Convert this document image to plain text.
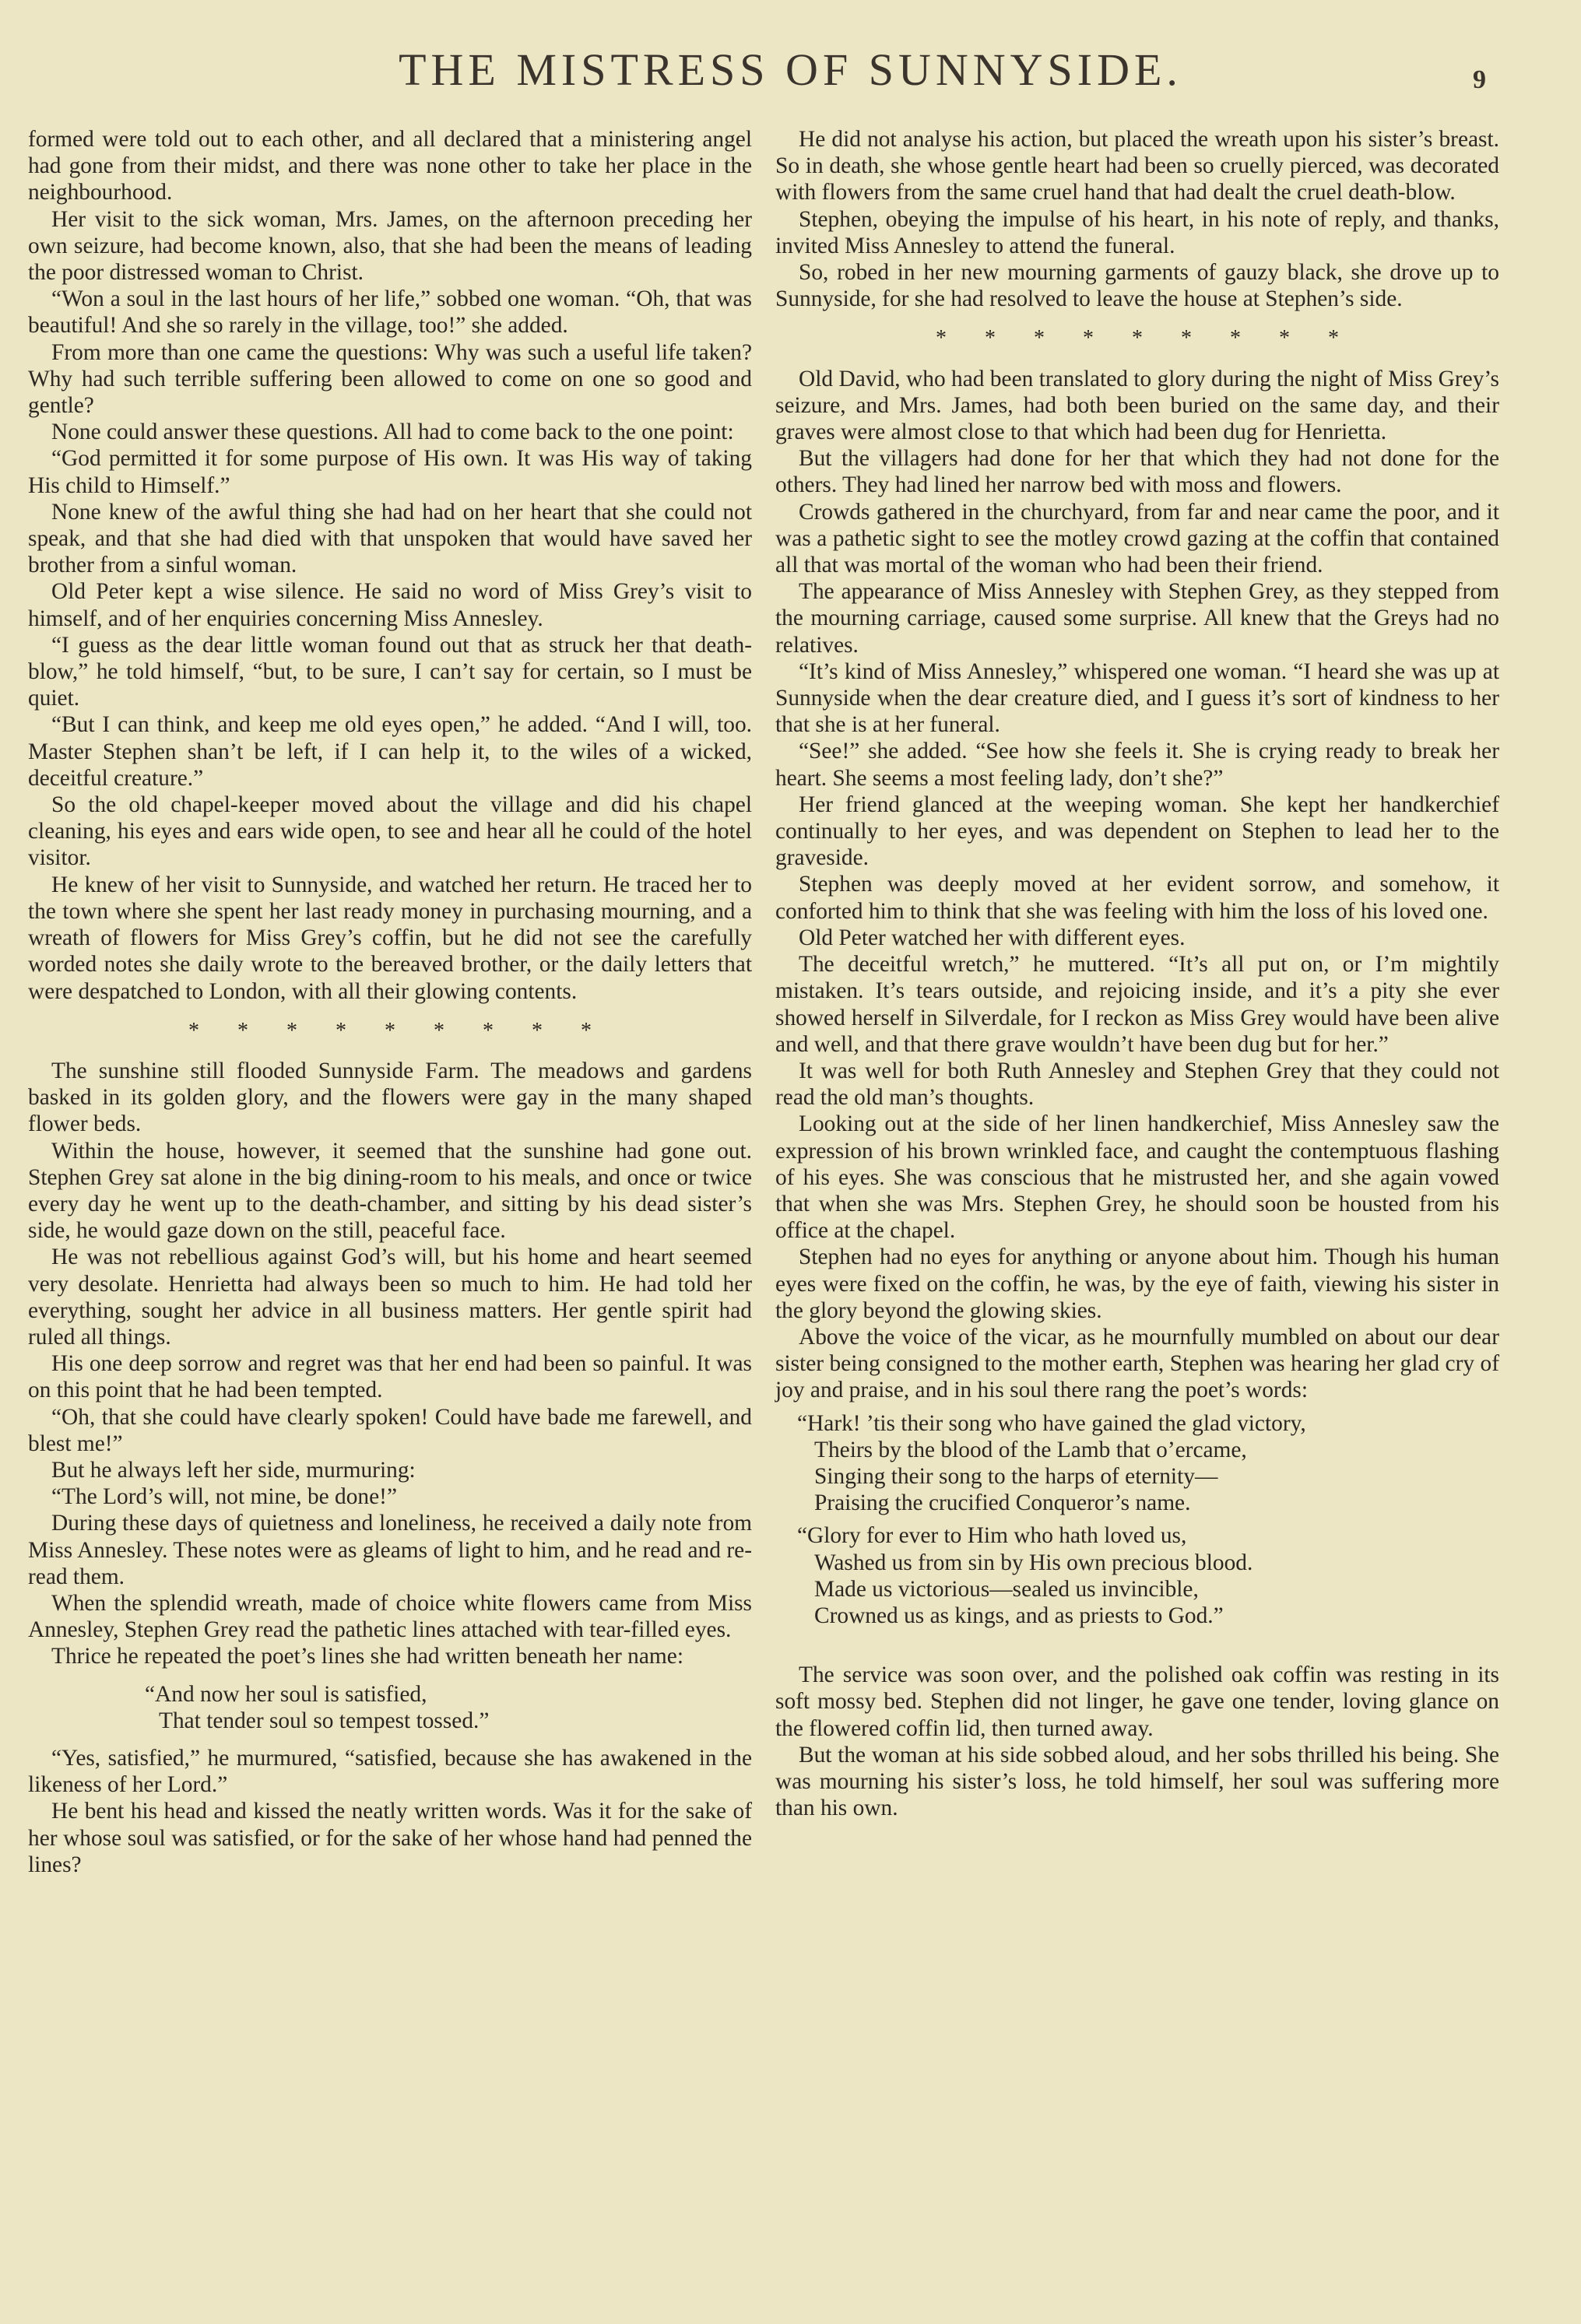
THE MISTRESS OF SUNNYSIDE.	9

formed were told out to each other, and all declared that a ministering angel had gone from their midst, and there was none other to take her place in the neighbourhood.

Her visit to the sick woman, Mrs. James, on the afternoon preceding her own seizure, had become known, also, that she had been the means of leading the poor distressed woman to Christ.

“Won a soul in the last hours of her life,” sobbed one woman. “Oh, that was beautiful! And she so rarely in the village, too!” she added.

From more than one came the questions: Why was such a useful life taken? Why had such terrible suffering been allowed to come on one so good and gentle?

None could answer these questions. All had to come back to the one point:

“God permitted it for some purpose of His own. It was His way of taking His child to Himself.”

None knew of the awful thing she had had on her heart that she could not speak, and that she had died with that unspoken that would have saved her brother from a sinful woman.

Old Peter kept a wise silence. He said no word of Miss Grey’s visit to himself, and of her enquiries concerning Miss Annesley.

“I guess as the dear little woman found out that as struck her that death-blow,” he told himself, “but, to be sure, I can’t say for certain, so I must be quiet.

“But I can think, and keep me old eyes open,” he added. “And I will, too. Master Stephen shan’t be left, if I can help it, to the wiles of a wicked, deceitful creature.”

So the old chapel-keeper moved about the village and did his chapel cleaning, his eyes and ears wide open, to see and hear all he could of the hotel visitor.

He knew of her visit to Sunnyside, and watched her return. He traced her to the town where she spent her last ready money in purchasing mourning, and a wreath of flowers for Miss Grey’s coffin, but he did not see the carefully worded notes she daily wrote to the bereaved brother, or the daily letters that were despatched to London, with all their glowing contents.

* * * * * * * * *

The sunshine still flooded Sunnyside Farm. The meadows and gardens basked in its golden glory, and the flowers were gay in the many shaped flower beds.

Within the house, however, it seemed that the sunshine had gone out. Stephen Grey sat alone in the big dining-room to his meals, and once or twice every day he went up to the death-chamber, and sitting by his dead sister’s side, he would gaze down on the still, peaceful face.

He was not rebellious against God’s will, but his home and heart seemed very desolate. Henrietta had always been so much to him. He had told her everything, sought her advice in all business matters. Her gentle spirit had ruled all things.

His one deep sorrow and regret was that her end had been so painful. It was on this point that he had been tempted.

“Oh, that she could have clearly spoken! Could have bade me farewell, and blest me!”

But he always left her side, murmuring:

“The Lord’s will, not mine, be done!”

During these days of quietness and loneliness, he received a daily note from Miss Annesley. These notes were as gleams of light to him, and he read and re-read them.

When the splendid wreath, made of choice white flowers came from Miss Annesley, Stephen Grey read the pathetic lines attached with tear-filled eyes.

Thrice he repeated the poet’s lines she had written beneath her name:

“And now her soul is satisfied,
That tender soul so tempest tossed.”

“Yes, satisfied,” he murmured, “satisfied, because she has awakened in the likeness of her Lord.”

He bent his head and kissed the neatly written words. Was it for the sake of her whose soul was satisfied, or for the sake of her whose hand had penned the lines?

He did not analyse his action, but placed the wreath upon his sister’s breast. So in death, she whose gentle heart had been so cruelly pierced, was decorated with flowers from the same cruel hand that had dealt the cruel death-blow.

Stephen, obeying the impulse of his heart, in his note of reply, and thanks, invited Miss Annesley to attend the funeral.

So, robed in her new mourning garments of gauzy black, she drove up to Sunnyside, for she had resolved to leave the house at Stephen’s side.

* * * * * * * * *

Old David, who had been translated to glory during the night of Miss Grey’s seizure, and Mrs. James, had both been buried on the same day, and their graves were almost close to that which had been dug for Henrietta.

But the villagers had done for her that which they had not done for the others. They had lined her narrow bed with moss and flowers.

Crowds gathered in the churchyard, from far and near came the poor, and it was a pathetic sight to see the motley crowd gazing at the coffin that contained all that was mortal of the woman who had been their friend.

The appearance of Miss Annesley with Stephen Grey, as they stepped from the mourning carriage, caused some surprise. All knew that the Greys had no relatives.

“It’s kind of Miss Annesley,” whispered one woman. “I heard she was up at Sunnyside when the dear creature died, and I guess it’s sort of kindness to her that she is at her funeral.

“See!” she added. “See how she feels it. She is crying ready to break her heart. She seems a most feeling lady, don’t she?”

Her friend glanced at the weeping woman. She kept her handkerchief continually to her eyes, and was dependent on Stephen to lead her to the graveside.

Stephen was deeply moved at her evident sorrow, and somehow, it conforted him to think that she was feeling with him the loss of his loved one.

Old Peter watched her with different eyes.

The deceitful wretch,” he muttered. “It’s all put on, or I’m mightily mistaken. It’s tears outside, and rejoicing inside, and it’s a pity she ever showed herself in Silverdale, for I reckon as Miss Grey would have been alive and well, and that there grave wouldn’t have been dug but for her.”

It was well for both Ruth Annesley and Stephen Grey that they could not read the old man’s thoughts.

Looking out at the side of her linen handkerchief, Miss Annesley saw the expression of his brown wrinkled face, and caught the contemptuous flashing of his eyes. She was conscious that he mistrusted her, and she again vowed that when she was Mrs. Stephen Grey, he should soon be housted from his office at the chapel.

Stephen had no eyes for anything or anyone about him. Though his human eyes were fixed on the coffin, he was, by the eye of faith, viewing his sister in the glory beyond the glowing skies.

Above the voice of the vicar, as he mournfully mumbled on about our dear sister being consigned to the mother earth, Stephen was hearing her glad cry of joy and praise, and in his soul there rang the poet’s words:

“Hark! ’tis their song who have gained the glad victory,
Theirs by the blood of the Lamb that o’ercame,
Singing their song to the harps of eternity—
Praising the crucified Conqueror’s name.
“Glory for ever to Him who hath loved us,
Washed us from sin by His own precious blood.
Made us victorious—sealed us invincible,
Crowned us as kings, and as priests to God.”

The service was soon over, and the polished oak coffin was resting in its soft mossy bed. Stephen did not linger, he gave one tender, loving glance on the flowered coffin lid, then turned away.

But the woman at his side sobbed aloud, and her sobs thrilled his being. She was mourning his sister’s loss, he told himself, her soul was suffering more than his own.
